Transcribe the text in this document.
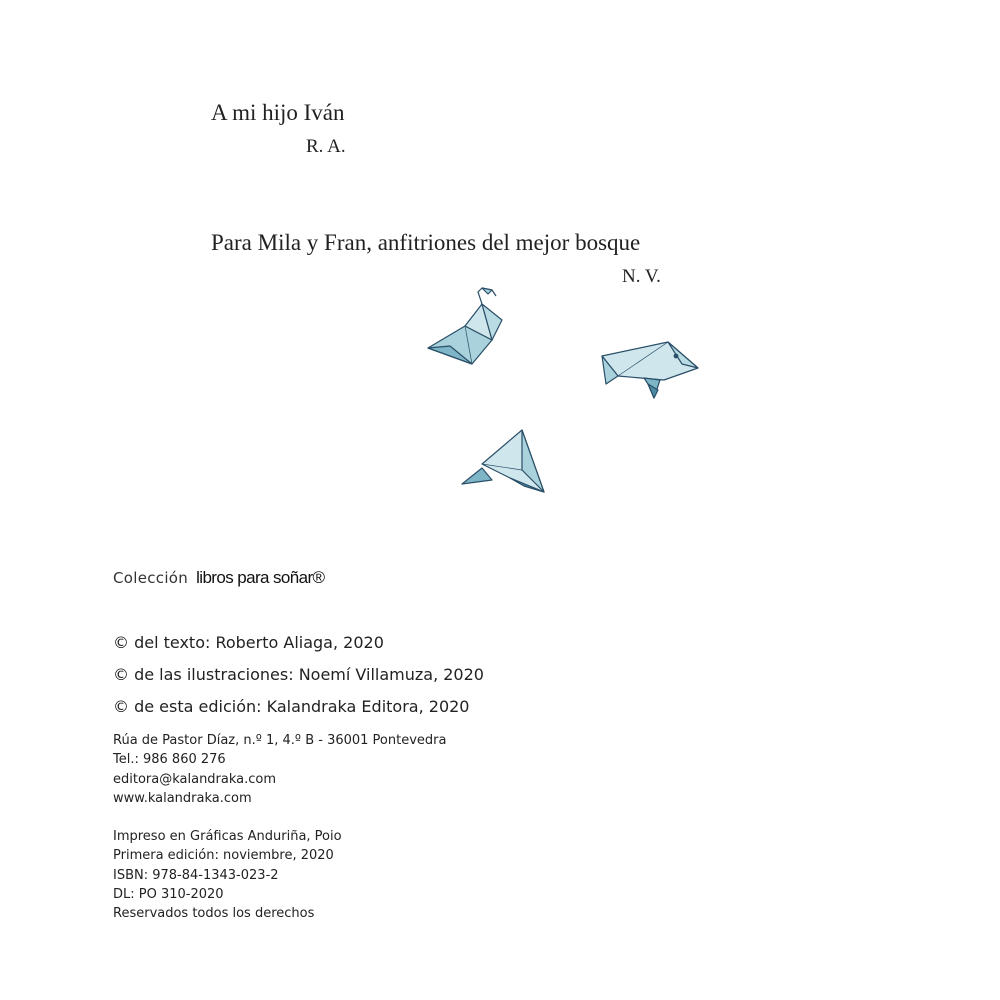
A mi hijo Iván
R. A.
Para Mila y Fran, anfitriones del mejor bosque
N. V.
Colección libros para soñar®
© del texto: Roberto Aliaga, 2020
© de las ilustraciones: Noemí Villamuza, 2020
© de esta edición: Kalandraka Editora, 2020
Rúa de Pastor Díaz, n.º 1, 4.º B - 36001 Pontevedra
Tel.: 986 860 276
editora@kalandraka.com
www.kalandraka.com
Impreso en Gráficas Anduriña, Poio
Primera edición: noviembre, 2020
ISBN: 978-84-1343-023-2
DL: PO 310-2020
Reservados todos los derechos
